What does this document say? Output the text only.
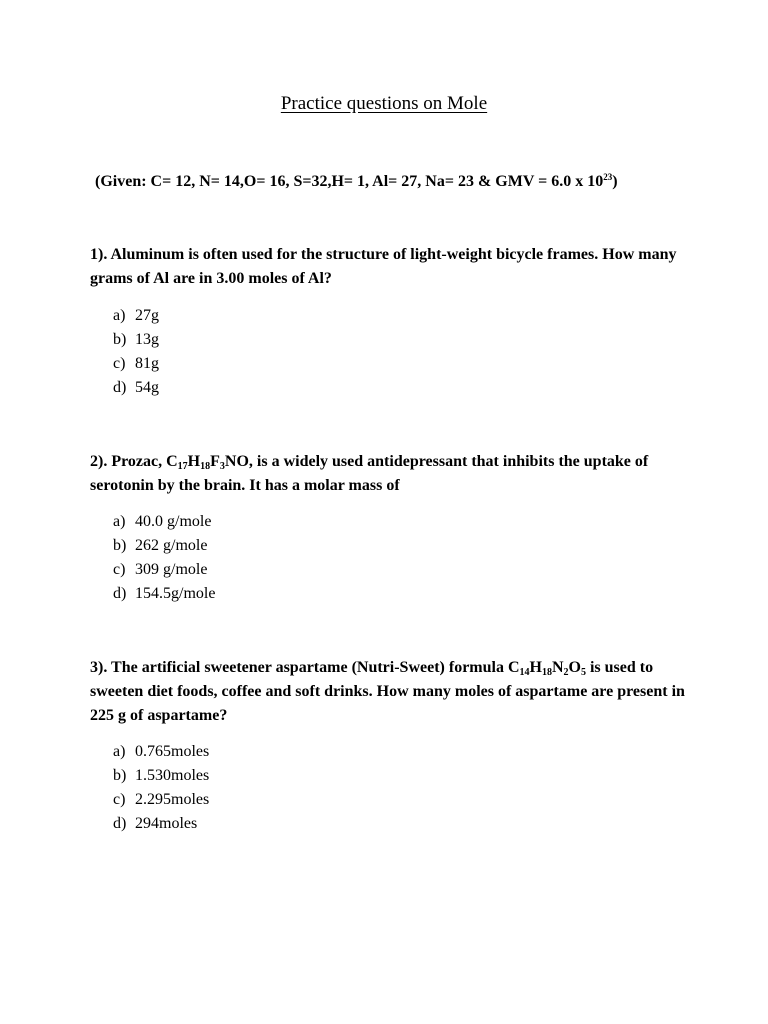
Practice questions on Mole
(Given: C= 12, N= 14,O= 16, S=32,H= 1, Al= 27, Na= 23 & GMV = 6.0 x $10^{23}$)
1). Aluminum is often used for the structure of light-weight bicycle frames. How many grams of Al are in 3.00 moles of Al?
a) 27g
b) 13g
c) 81g
d) 54g
2). Prozac, $C_{17}H_{18}F_3NO$, is a widely used antidepressant that inhibits the uptake of serotonin by the brain. It has a molar mass of
a) 40.0 g/mole
b) 262 g/mole
c) 309 g/mole
d) 154.5g/mole
3). The artificial sweetener aspartame (Nutri-Sweet) formula $C_{14}H_{18}N_2O_5$ is used to sweeten diet foods, coffee and soft drinks. How many moles of aspartame are present in 225 g of aspartame?
a) 0.765moles
b) 1.530moles
c) 2.295moles
d) 294moles
